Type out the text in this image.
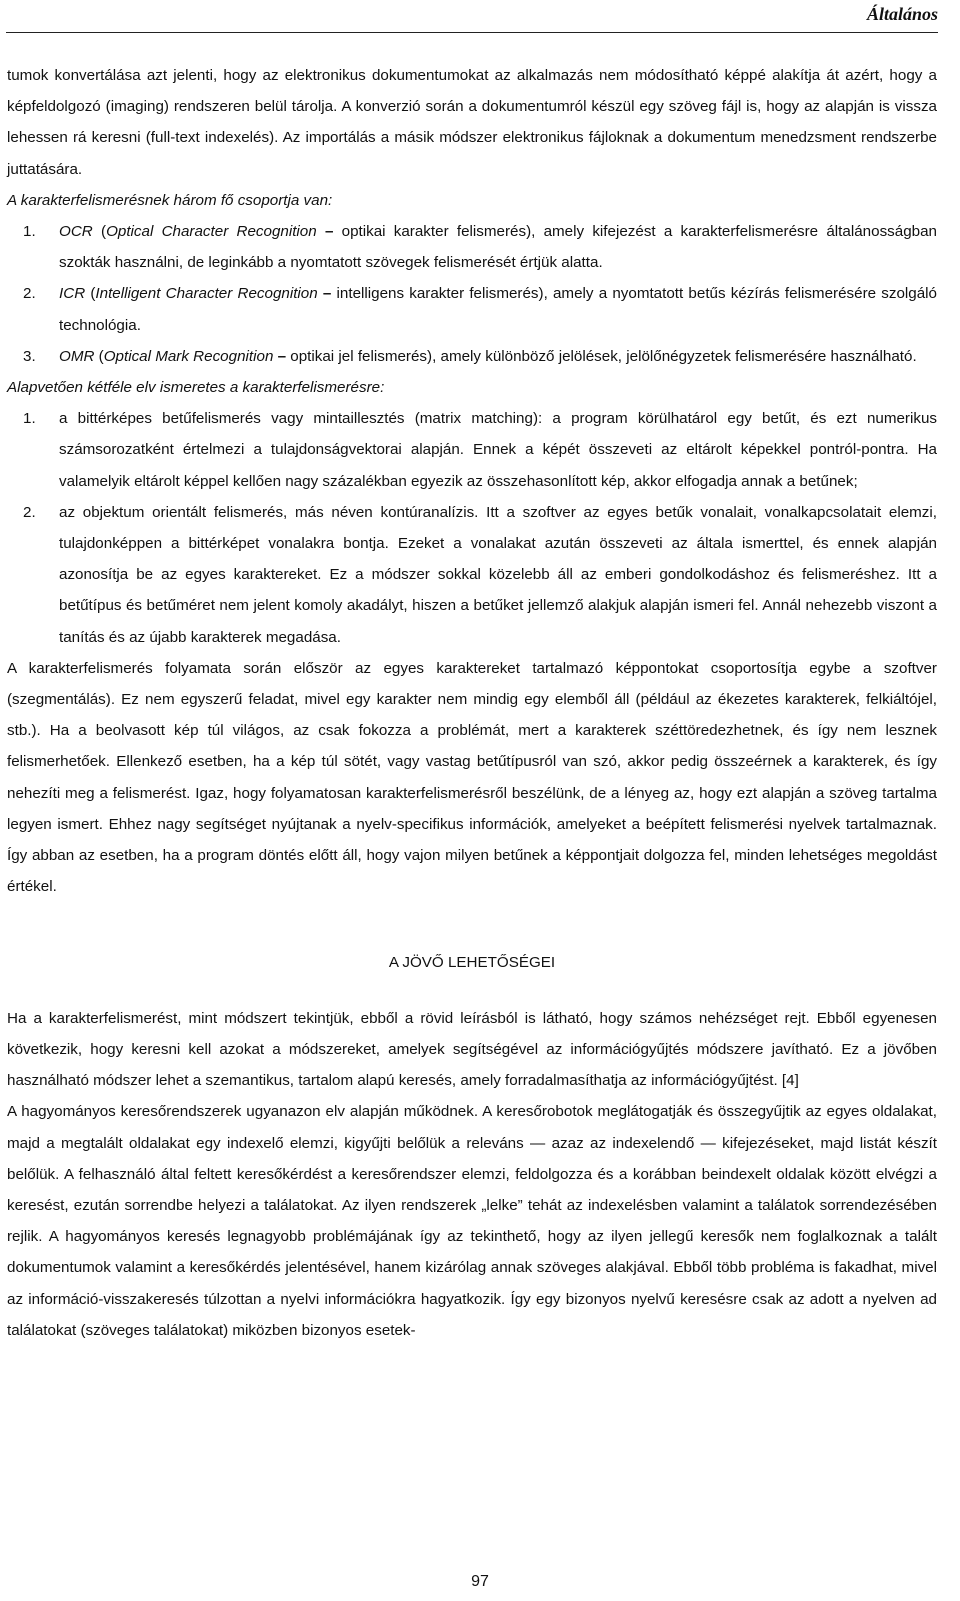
Általános

tumok konvertálása azt jelenti, hogy az elektronikus dokumentumokat az alkalmazás nem módosítható képpé alakítja át azért, hogy a képfeldolgozó (imaging) rendszeren belül tárolja. A konverzió során a dokumentumról készül egy szöveg fájl is, hogy az alapján is vissza lehessen rá keresni (full-text indexelés). Az importálás a másik módszer elektronikus fájloknak a dokumentum menedzsment rendszerbe juttatására.

A karakterfelismerésnek három fő csoportja van:

1. OCR (Optical Character Recognition – optikai karakter felismerés), amely kifejezést a karakterfelismerésre általánosságban szokták használni, de leginkább a nyomtatott szövegek felismerését értjük alatta.
2. ICR (Intelligent Character Recognition – intelligens karakter felismerés), amely a nyomtatott betűs kézírás felismerésére szolgáló technológia.
3. OMR (Optical Mark Recognition – optikai jel felismerés), amely különböző jelölések, jelölőnégyzetek felismerésére használható.

Alapvetően kétféle elv ismeretes a karakterfelismerésre:

1. a bittérképes betűfelismerés vagy mintaillesztés (matrix matching): a program körülhatárol egy betűt, és ezt numerikus számsorozatként értelmezi a tulajdonságvektorai alapján. Ennek a képét összeveti az eltárolt képekkel pontról-pontra. Ha valamelyik eltárolt képpel kellően nagy százalékban egyezik az összehasonlított kép, akkor elfogadja annak a betűnek;
2. az objektum orientált felismerés, más néven kontúranalízis. Itt a szoftver az egyes betűk vonalait, vonalkapcsolatait elemzi, tulajdonképpen a bittérképet vonalakra bontja. Ezeket a vonalakat azután összeveti az általa ismerttel, és ennek alapján azonosítja be az egyes karaktereket. Ez a módszer sokkal közelebb áll az emberi gondolkodáshoz és felismeréshez. Itt a betűtípus és betűméret nem jelent komoly akadályt, hiszen a betűket jellemző alakjuk alapján ismeri fel. Annál nehezebb viszont a tanítás és az újabb karakterek megadása.

A karakterfelismerés folyamata során először az egyes karaktereket tartalmazó képpontokat csoportosítja egybe a szoftver (szegmentálás). Ez nem egyszerű feladat, mivel egy karakter nem mindig egy elemből áll (például az ékezetes karakterek, felkiáltójel, stb.). Ha a beolvasott kép túl világos, az csak fokozza a problémát, mert a karakterek széttöredezhetnek, és így nem lesznek felismerhetőek. Ellenkező esetben, ha a kép túl sötét, vagy vastag betűtípusról van szó, akkor pedig összeérnek a karakterek, és így nehezíti meg a felismerést. Igaz, hogy folyamatosan karakterfelismerésről beszélünk, de a lényeg az, hogy ezt alapján a szöveg tartalma legyen ismert. Ehhez nagy segítséget nyújtanak a nyelv-specifikus információk, amelyeket a beépített felismerési nyelvek tartalmaznak. Így abban az esetben, ha a program döntés előtt áll, hogy vajon milyen betűnek a képpontjait dolgozza fel, minden lehetséges megoldást értékel.

A JÖVŐ LEHETŐSÉGEI

Ha a karakterfelismerést, mint módszert tekintjük, ebből a rövid leírásból is látható, hogy számos nehézséget rejt. Ebből egyenesen következik, hogy keresni kell azokat a módszereket, amelyek segítségével az információgyűjtés módszere javítható. Ez a jövőben használható módszer lehet a szemantikus, tartalom alapú keresés, amely forradalmasíthatja az információgyűjtést. [4]

A hagyományos keresőrendszerek ugyanazon elv alapján működnek. A keresőrobotok meglátogatják és összegyűjtik az egyes oldalakat, majd a megtalált oldalakat egy indexelő elemzi, kigyűjti belőlük a releváns — azaz az indexelendő — kifejezéseket, majd listát készít belőlük. A felhasználó által feltett keresőkérdést a keresőrendszer elemzi, feldolgozza és a korábban beindexelt oldalak között elvégzi a keresést, ezután sorrendbe helyezi a találatokat. Az ilyen rendszerek „lelke” tehát az indexelésben valamint a találatok sorrendezésében rejlik. A hagyományos keresés legnagyobb problémájának így az tekinthető, hogy az ilyen jellegű keresők nem foglalkoznak a talált dokumentumok valamint a keresőkérdés jelentésével, hanem kizárólag annak szöveges alakjával. Ebből több probléma is fakadhat, mivel az információ-visszakeresés túlzottan a nyelvi információkra hagyatkozik. Így egy bizonyos nyelvű keresésre csak az adott a nyelven ad találatokat (szöveges találatokat) miközben bizonyos esetek-

97
